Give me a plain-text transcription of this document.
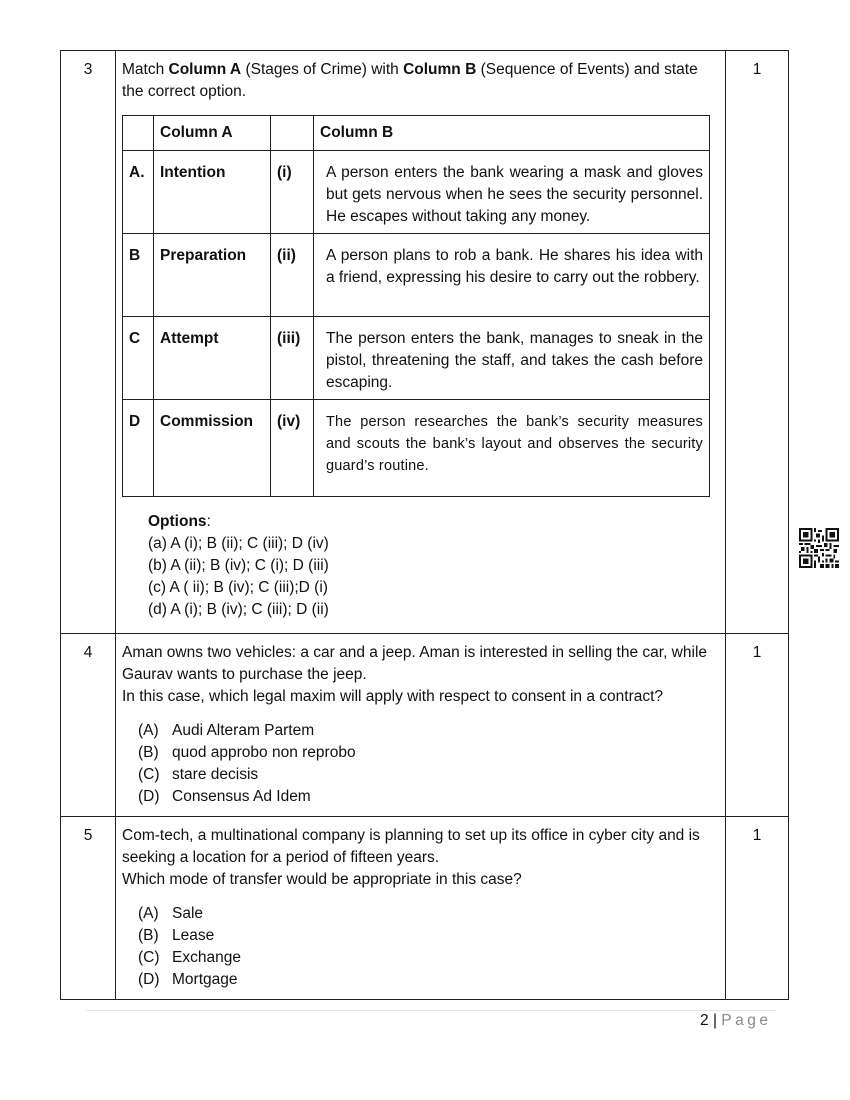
3	Match Column A (Stages of Crime) with Column B (Sequence of Events) and state the correct option.
	Column A		Column B
A.	Intention	(i)	A person enters the bank wearing a mask and gloves but gets nervous when he sees the security personnel. He escapes without taking any money.
B	Preparation	(ii)	A person plans to rob a bank. He shares his idea with a friend, expressing his desire to carry out the robbery.
C	Attempt	(iii)	The person enters the bank, manages to sneak in the pistol, threatening the staff, and takes the cash before escaping.
D	Commission	(iv)	The person researches the bank’s security measures and scouts the bank’s layout and observes the security guard’s routine.
Options:
(a) A (i); B (ii); C (iii); D (iv)
(b) A (ii); B (iv); C (i); D (iii)
(c) A ( ii); B (iv); C (iii);D (i)
(d) A (i); B (iv); C (iii); D (ii)

1

4	Aman owns two vehicles: a car and a jeep. Aman is interested in selling the car, while Gaurav wants to purchase the jeep.

In this case, which legal maxim will apply with respect to consent in a contract?

(A) Audi Alteram Partem
(B) quod approbo non reprobo
(C) stare decisis
(D) Consensus Ad Idem

1

5	Com-tech, a multinational company is planning to set up its office in cyber city and is seeking a location for a period of fifteen years.

Which mode of transfer would be appropriate in this case?

(A) Sale
(B) Lease
(C) Exchange
(D) Mortgage

1
2 | Page
